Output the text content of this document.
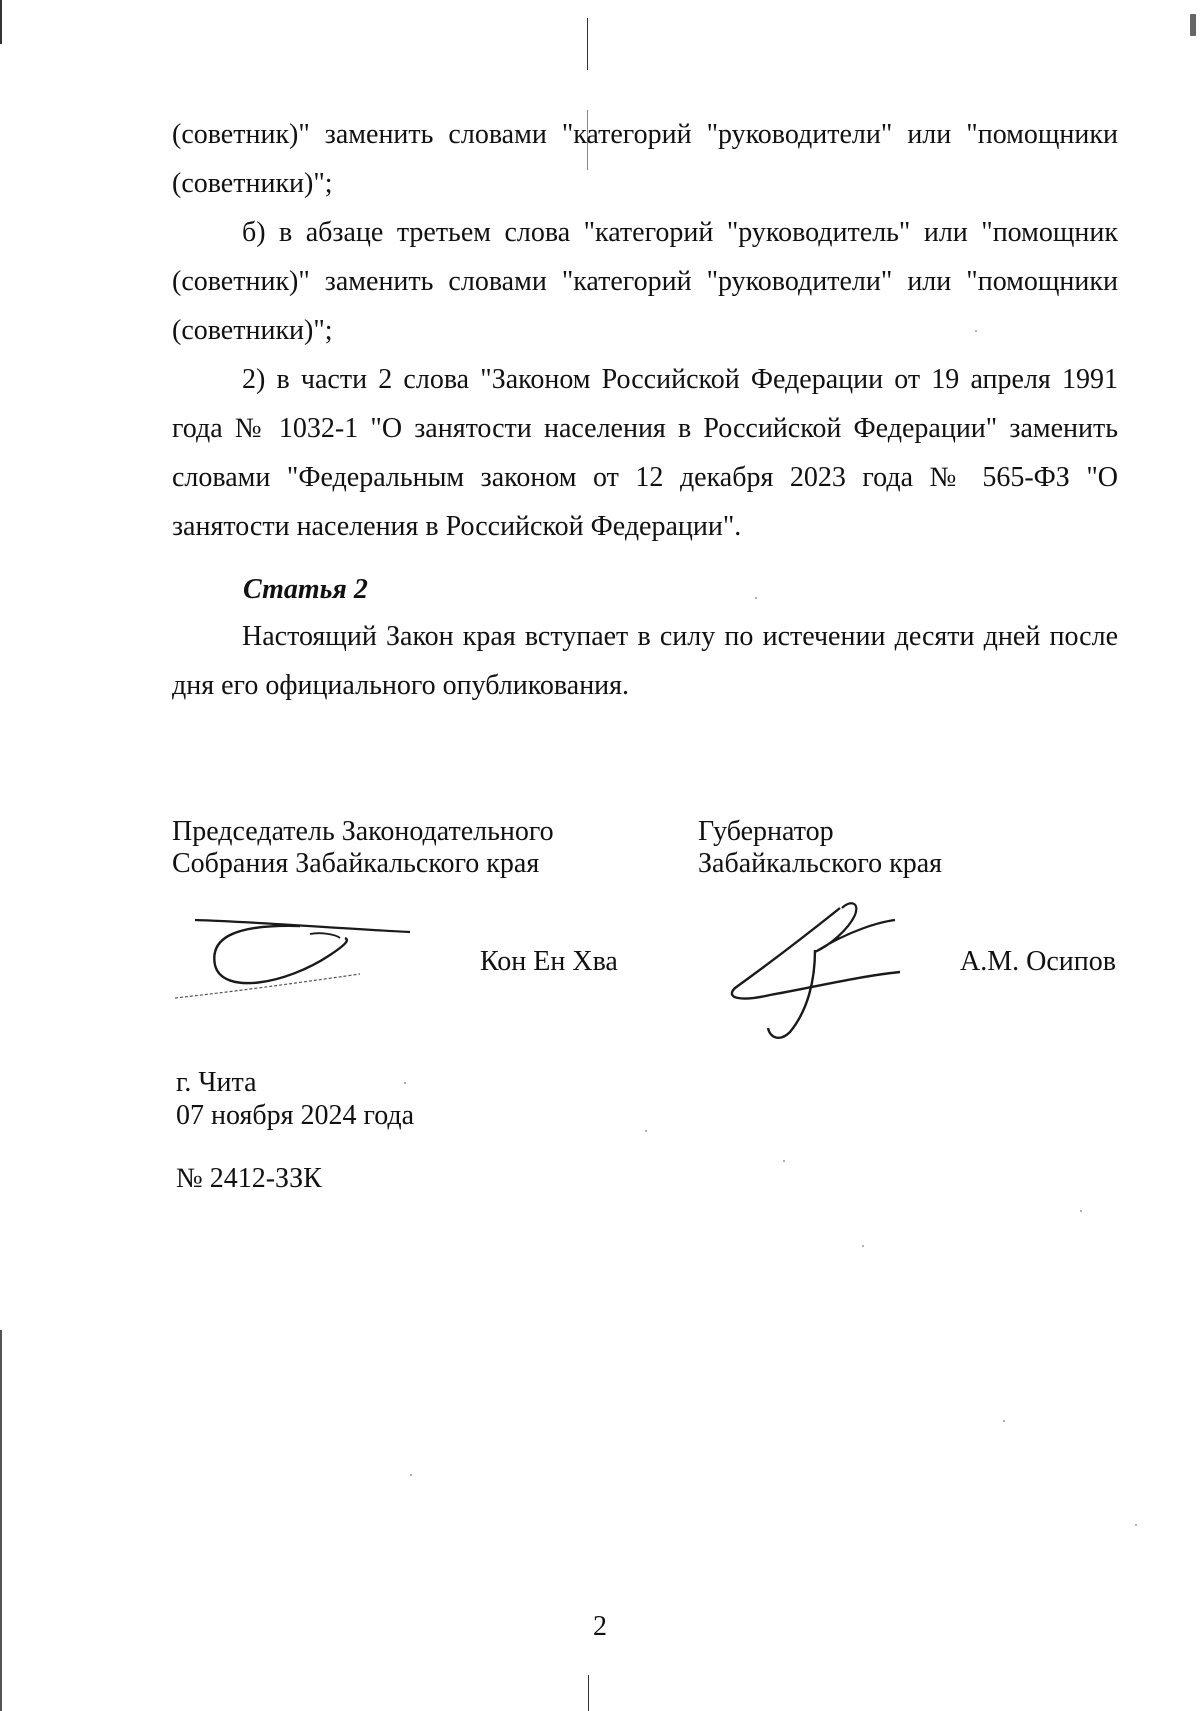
(советник)" заменить словами "категорий "руководители" или "помощники (советники)";

б) в абзаце третьем слова "категорий "руководитель" или "помощник (советник)" заменить словами "категорий "руководители" или "помощники (советники)";

2) в части 2 слова "Законом Российской Федерации от 19 апреля 1991 года № 1032-1 "О занятости населения в Российской Федерации" заменить словами "Федеральным законом от 12 декабря 2023 года № 565-ФЗ "О занятости населения в Российской Федерации".

Статья 2

Настоящий Закон края вступает в силу по истечении десяти дней после дня его официального опубликования.

Председатель Законодательного
Собрания Забайкальского края
Кон Ен Хва
Губернатор
Забайкальского края
А.М. Осипов
г. Чита
07 ноября 2024 года
№ 2412-ЗЗК
2
